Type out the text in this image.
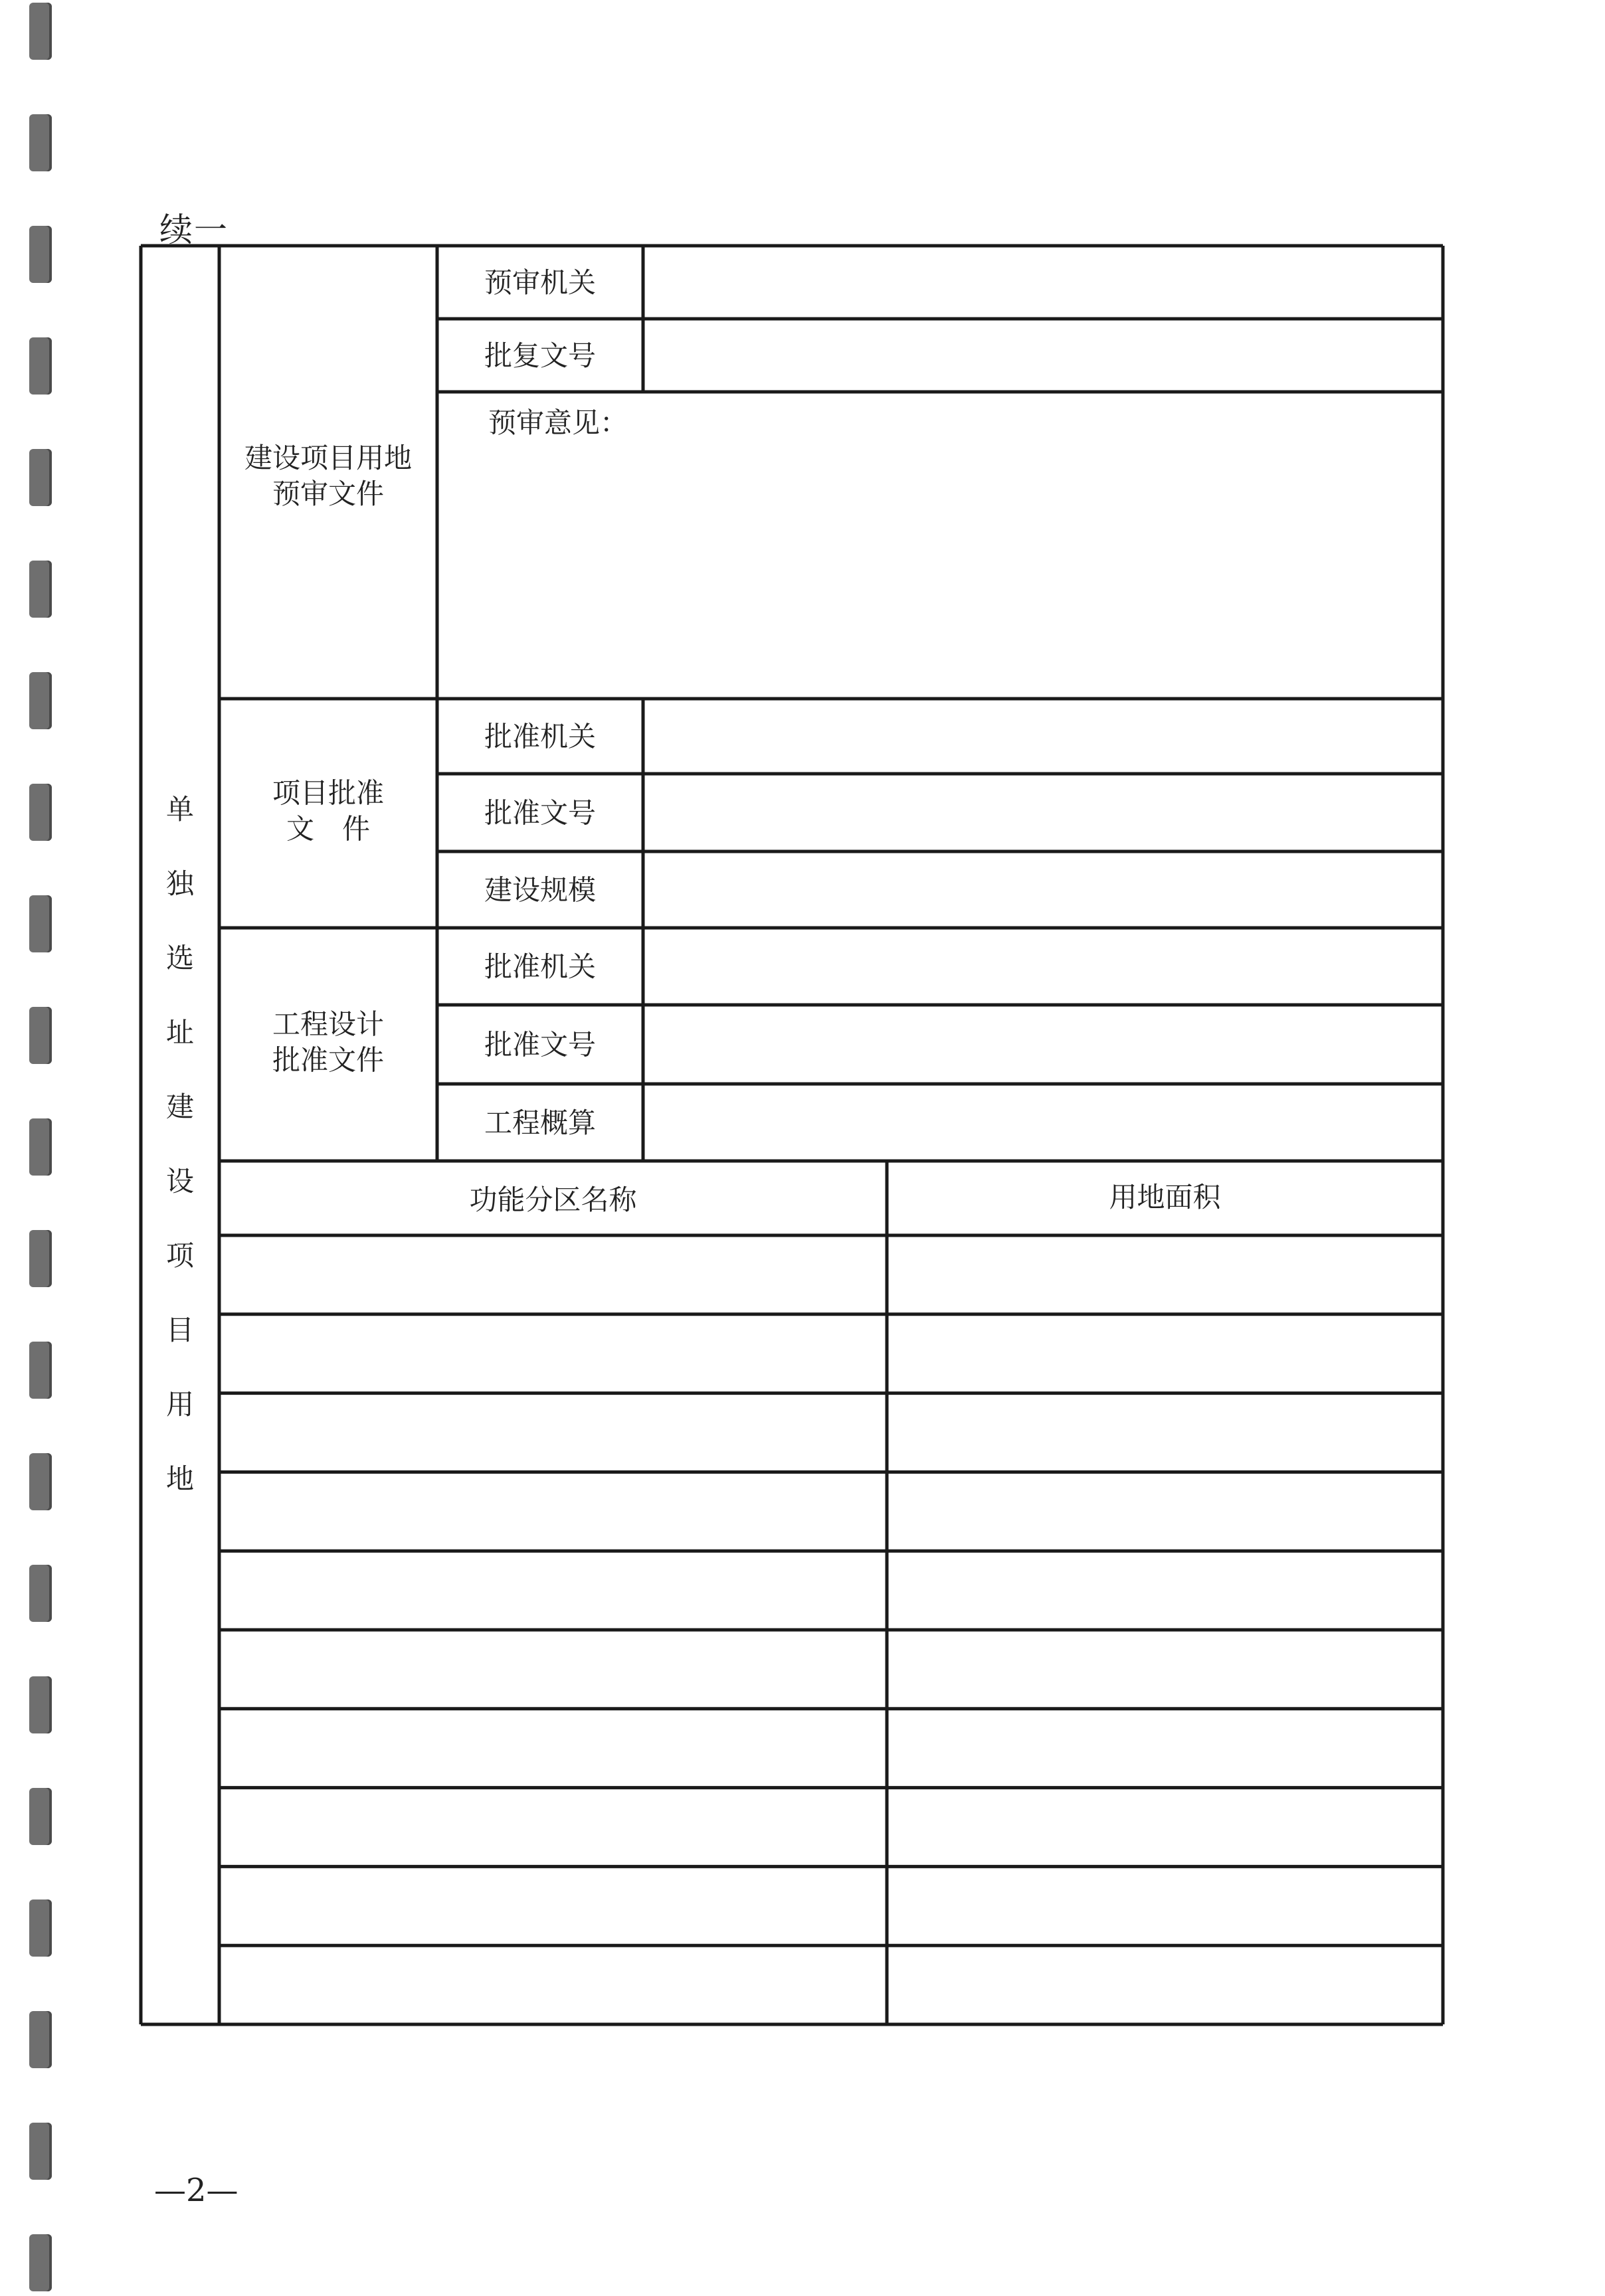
续一
单
独
选
址
建
设
项
目
用
地
建设项目用地
预审文件
项目批准
文　件
工程设计
批准文件
预审机关
批复文号
预审意见：
批准机关
批准文号
建设规模
批准机关
批准文号
工程概算
功能分区名称	用地面积
—2—
